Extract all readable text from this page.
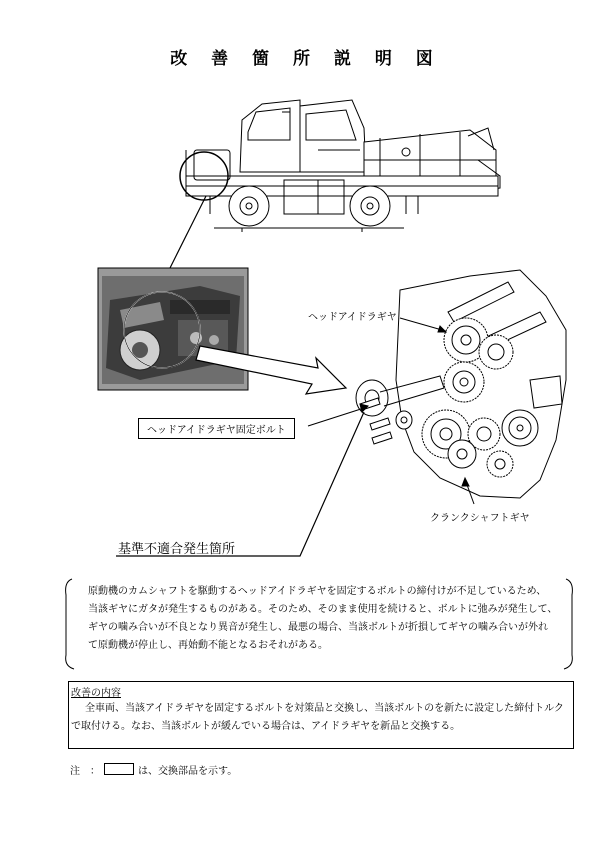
改 善 箇 所 説 明 図
ヘッドアイドラギヤ
ヘッドアイドラギヤ固定ボルト
クランクシャフトギヤ
基準不適合発生箇所

原動機のカムシャフトを駆動するヘッドアイドラギヤを固定するボルトの締付けが不足しているため、

当該ギヤにガタが発生するものがある。そのため、そのまま使用を続けると、ボルトに弛みが発生して、

ギヤの噛み合いが不良となり異音が発生し、最悪の場合、当該ボルトが折損してギヤの噛み合いが外れ

て原動機が停止し、再始動不能となるおそれがある。

改善の内容
全車両、当該アイドラギヤを固定するボルトを対策品と交換し、当該ボルトのを新たに設定した締付トルクで取付ける。なお、当該ボルトが緩んでいる場合は、アイドラギヤを新品と交換する。
注　：	は、交換部品を示す。
